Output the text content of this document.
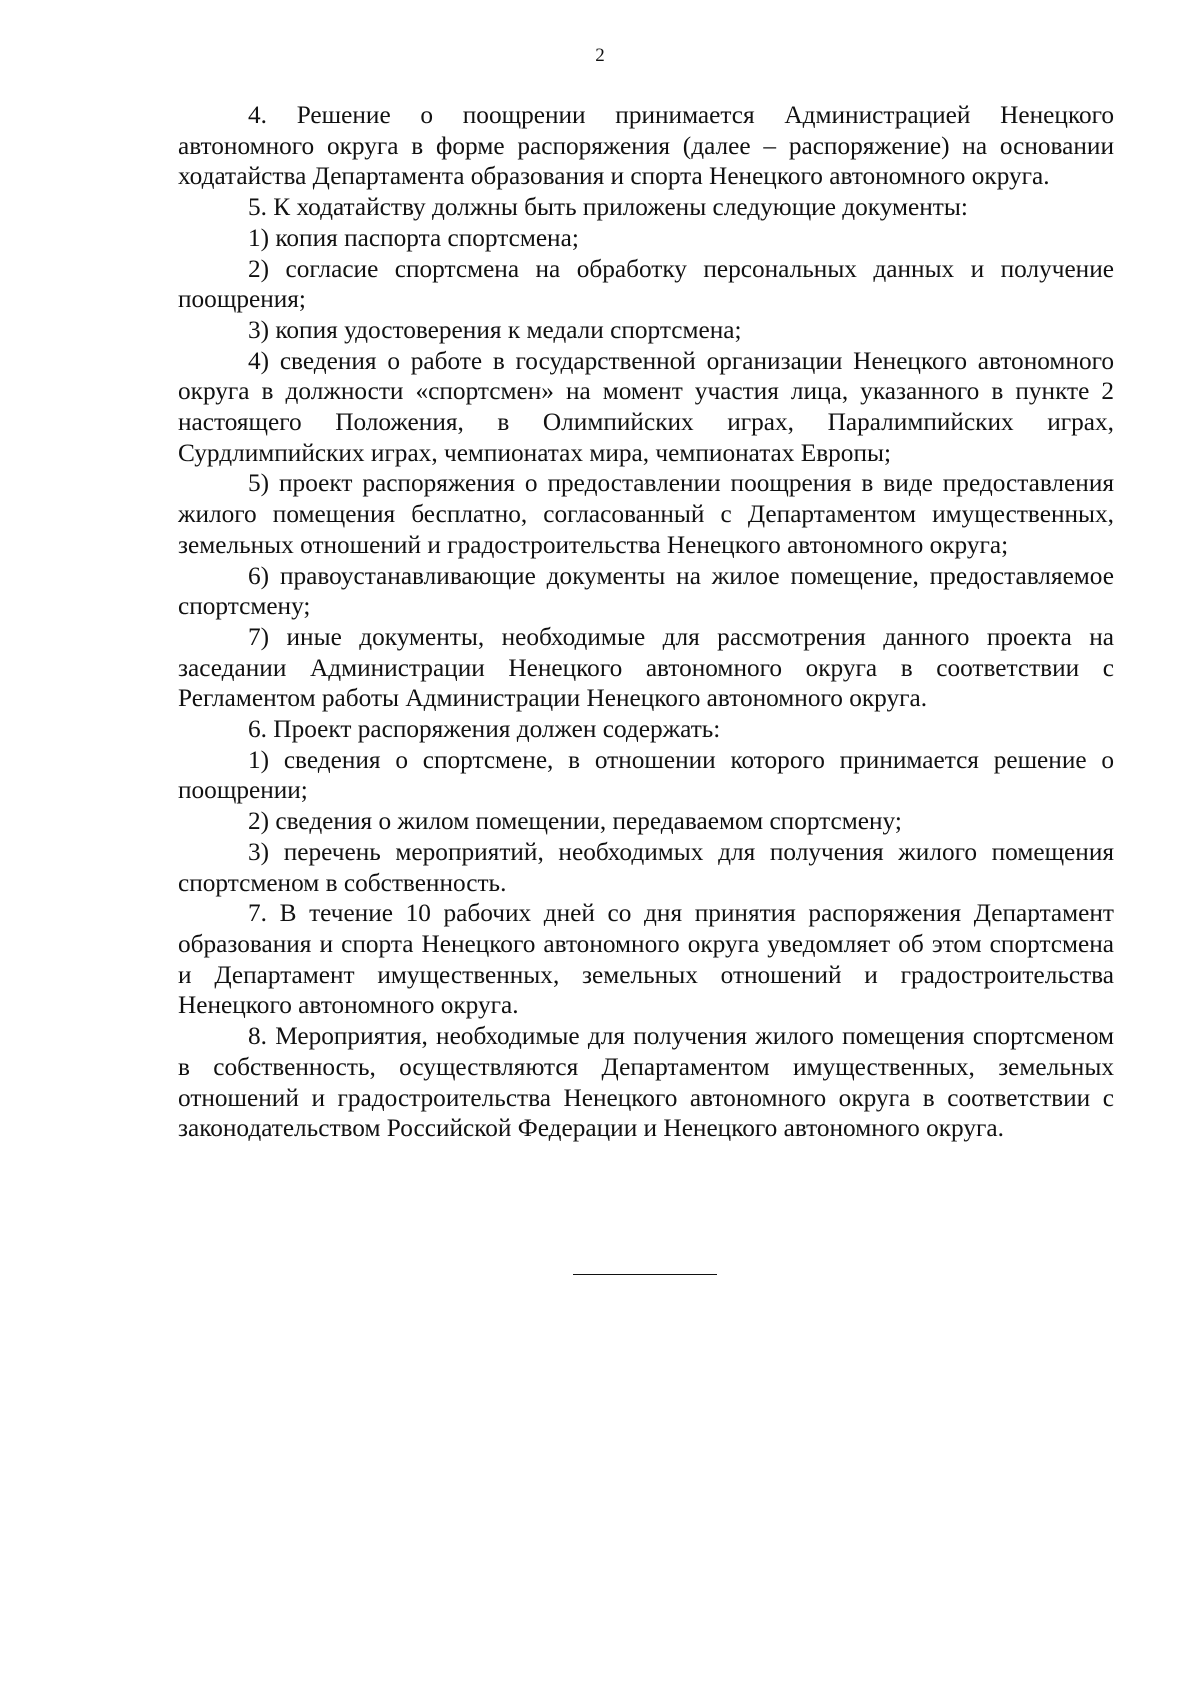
2

4. Решение о поощрении принимается Администрацией Ненецкого автономного округа в форме распоряжения (далее – распоряжение) на основании ходатайства Департамента образования и спорта Ненецкого автономного округа.

5. К ходатайству должны быть приложены следующие документы:

1) копия паспорта спортсмена;

2) согласие спортсмена на обработку персональных данных и получение поощрения;

3) копия удостоверения к медали спортсмена;

4) сведения о работе в государственной организации Ненецкого автономного округа в должности «спортсмен» на момент участия лица, указанного в пункте 2 настоящего Положения, в Олимпийских играх, Паралимпийских играх, Сурдлимпийских играх, чемпионатах мира, чемпионатах Европы;

5) проект распоряжения о предоставлении поощрения в виде предоставления жилого помещения бесплатно, согласованный с Департаментом имущественных, земельных отношений и градостроительства Ненецкого автономного округа;

6) правоустанавливающие документы на жилое помещение, предоставляемое спортсмену;

7) иные документы, необходимые для рассмотрения данного проекта на заседании Администрации Ненецкого автономного округа в соответствии с Регламентом работы Администрации Ненецкого автономного округа.

6. Проект распоряжения должен содержать:

1) сведения о спортсмене, в отношении которого принимается решение о поощрении;

2) сведения о жилом помещении, передаваемом спортсмену;

3) перечень мероприятий, необходимых для получения жилого помещения спортсменом в собственность.

7. В течение 10 рабочих дней со дня принятия распоряжения Департамент образования и спорта Ненецкого автономного округа уведомляет об этом спортсмена и Департамент имущественных, земельных отношений и градостроительства Ненецкого автономного округа.

8. Мероприятия, необходимые для получения жилого помещения спортсменом в собственность, осуществляются Департаментом имущественных, земельных отношений и градостроительства Ненецкого автономного округа в соответствии с законодательством Российской Федерации и Ненецкого автономного округа.
